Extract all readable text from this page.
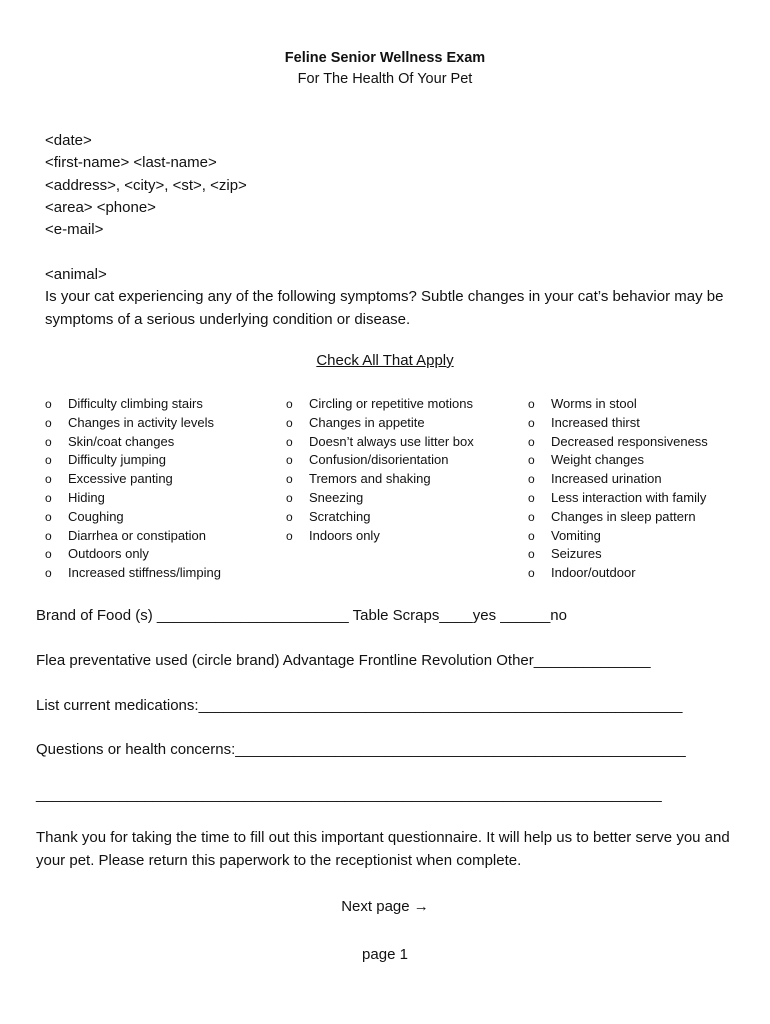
Feline Senior Wellness Exam
For The Health Of Your Pet
<date>
<first-name> <last-name>
<address>, <city>, <st>, <zip>
<area> <phone>
<e-mail>
<animal>
Is your cat experiencing any of the following symptoms? Subtle changes in your cat’s behavior may be symptoms of a serious underlying condition or disease.
Check All That Apply
o Difficulty climbing stairs
o Changes in activity levels
o Skin/coat changes
o Difficulty jumping
o Excessive panting
o Hiding
o Coughing
o Diarrhea or constipation
o Outdoors only
o Increased stiffness/limping
o Circling or repetitive motions
o Changes in appetite
o Doesn’t always use litter box
o Confusion/disorientation
o Tremors and shaking
o Sneezing
o Scratching
o Indoors only
o Worms in stool
o Increased thirst
o Decreased responsiveness
o Weight changes
o Increased urination
o Less interaction with family
o Changes in sleep pattern
o Vomiting
o Seizures
o Indoor/outdoor
Brand of Food (s) _______________________ Table Scraps____yes ______no
Flea preventative used (circle brand) Advantage Frontline Revolution Other______________
List current medications:__________________________________________________________
Questions or health concerns:______________________________________________________
___________________________________________________________________________
Thank you for taking the time to fill out this important questionnaire. It will help us to better serve you and your pet. Please return this paperwork to the receptionist when complete.
Next page →
page 1
